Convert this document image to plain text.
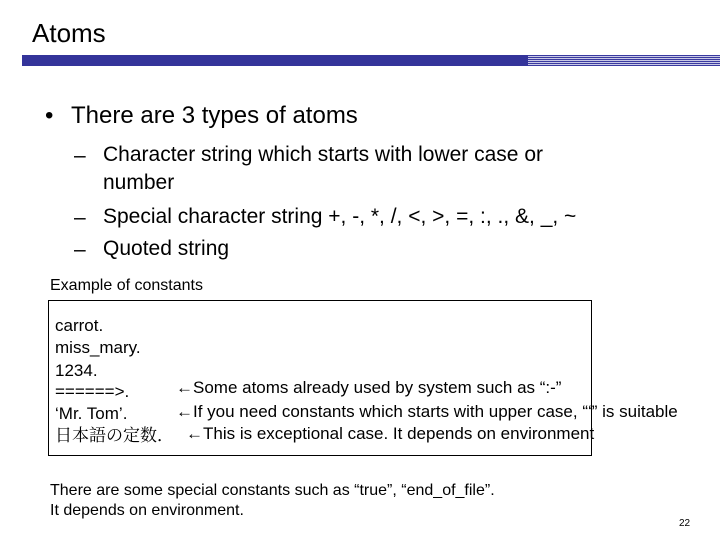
Atoms
• There are 3 types of atoms
– Character string which starts with lower case or
number
– Special character string +, -, *, /, <, >, =, :, ., &, _, ~
– Quoted string
Example of constants
carrot.
miss_mary.
1234.
======>.
‘Mr. Tom’.
日本語の定数．
←Some atoms already used by system such as “:-”
←If you need constants which starts with upper case, “‘” is suitable
←This is exceptional case. It depends on environment
There are some special constants such as “true”, “end_of_file”.
It depends on environment.
22
